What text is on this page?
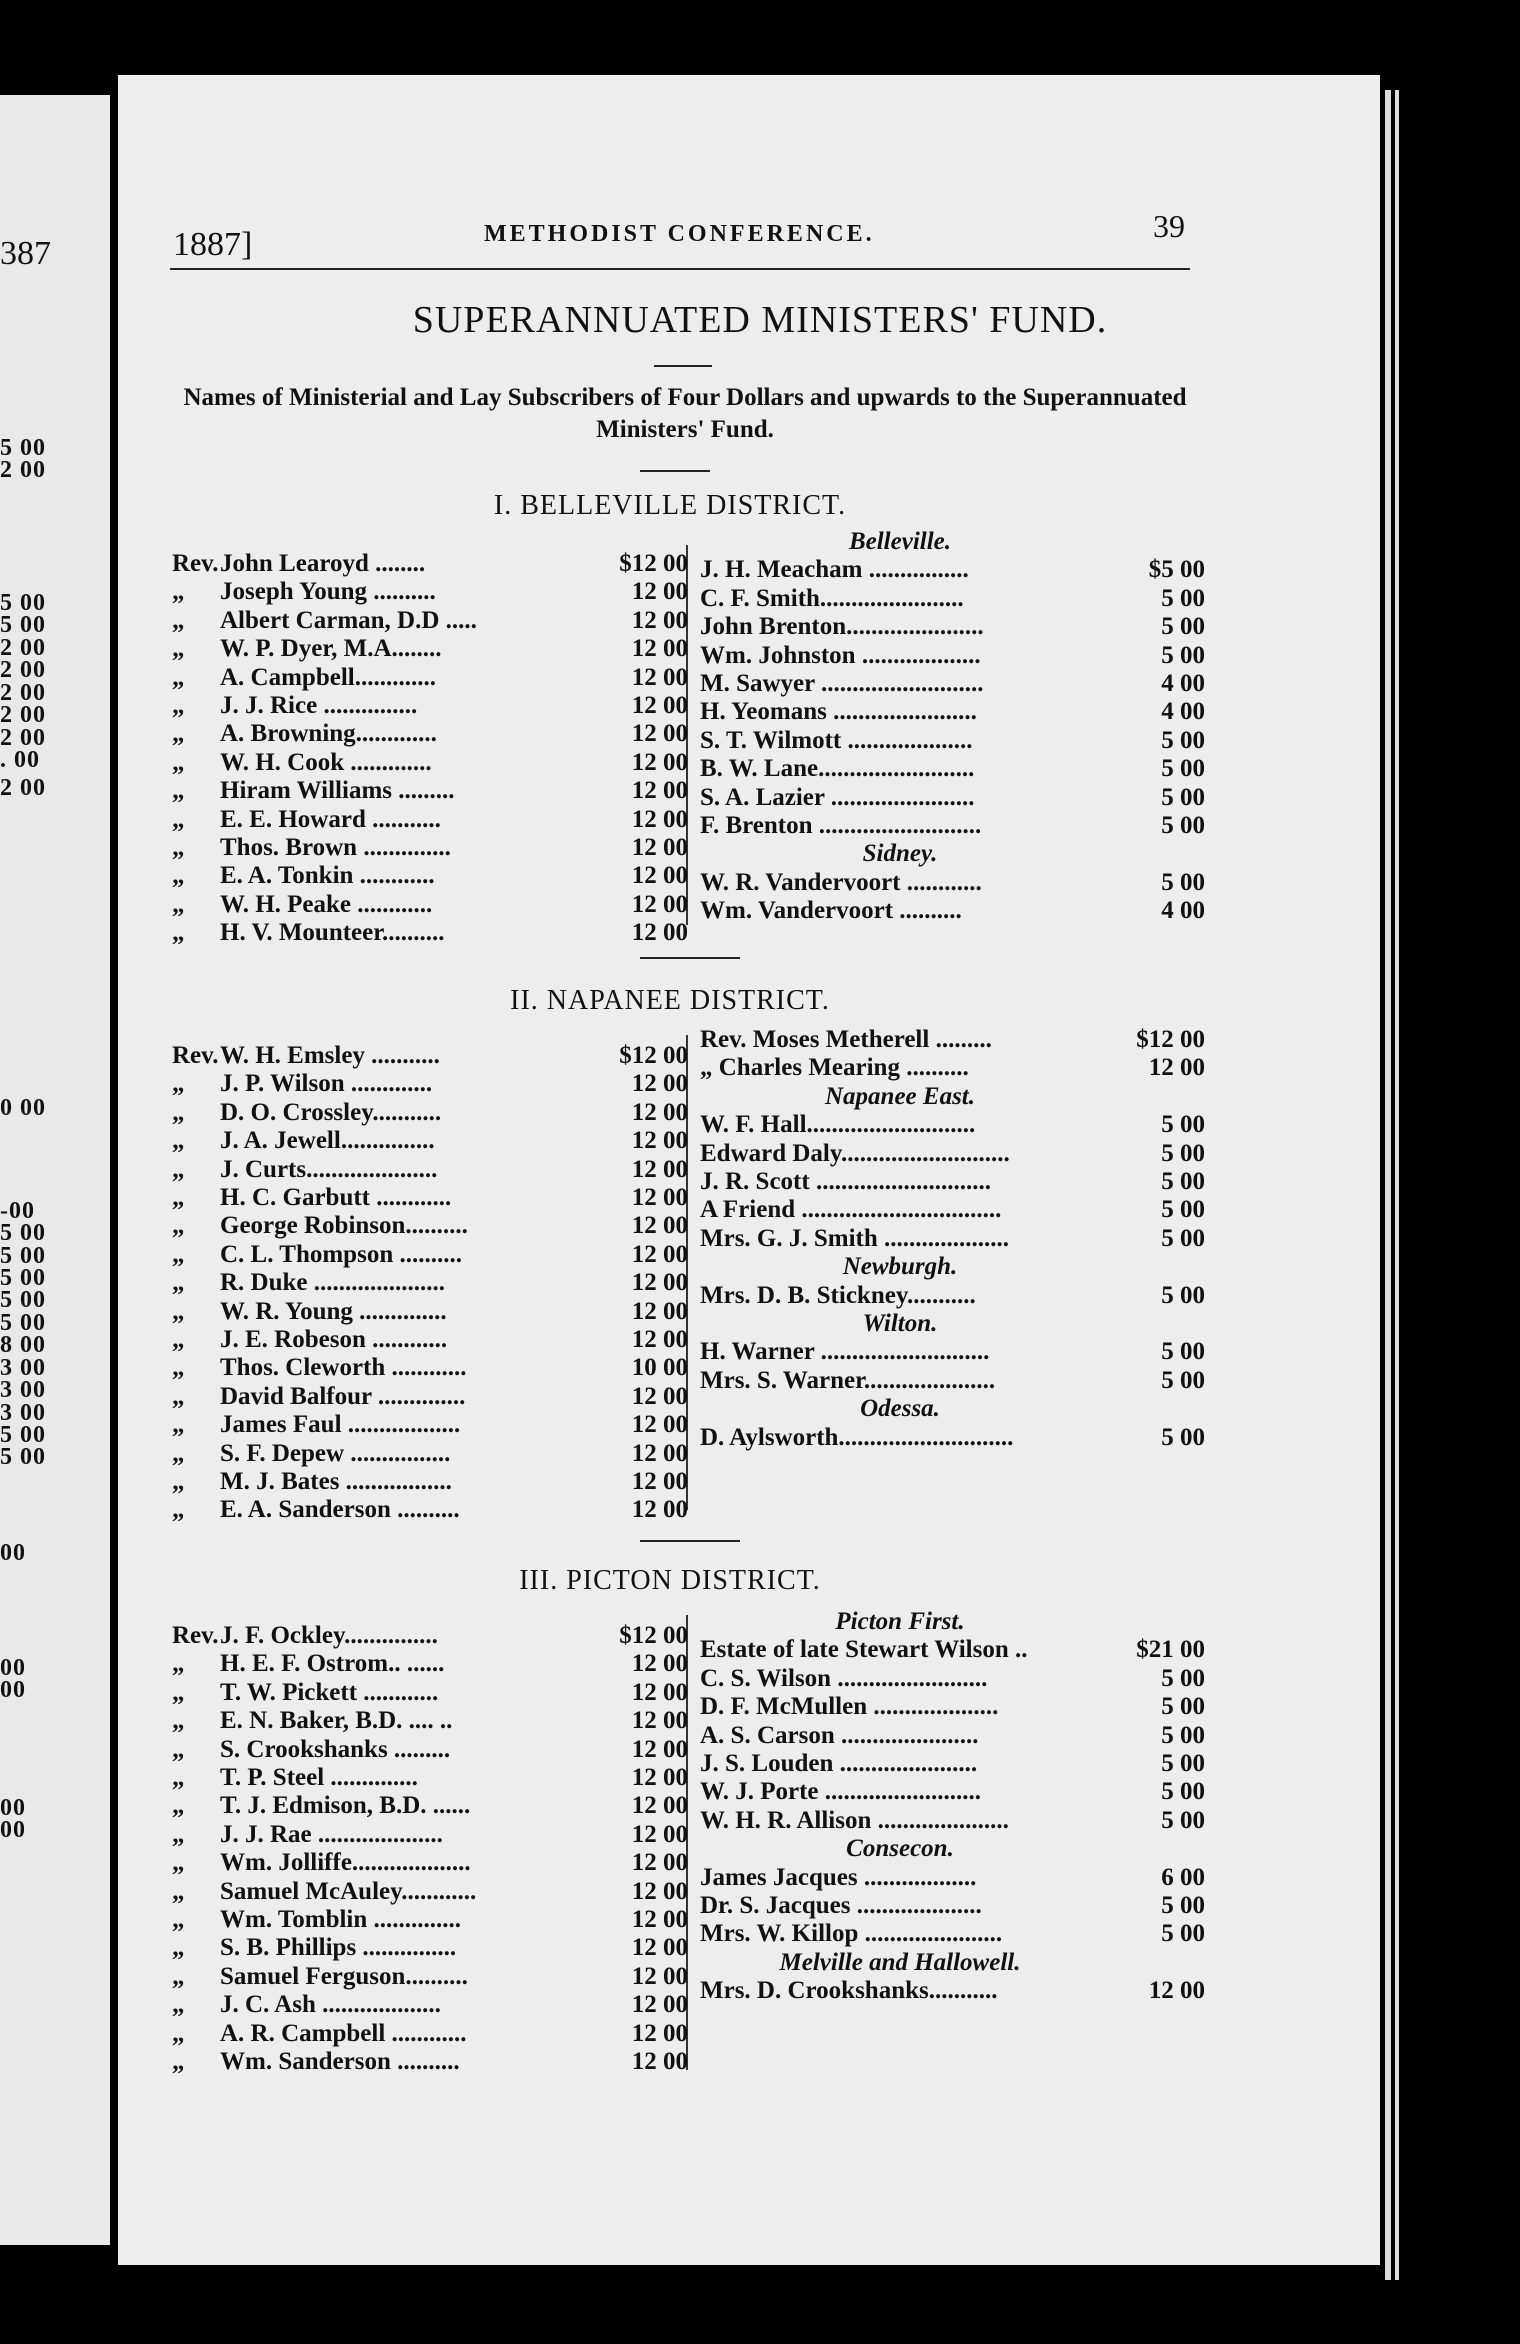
387
5 00
2 00
5 00
5 00
2 00
2 00
2 00
2 00
2 00
. 00
2 00
0 00
-00
5 00
5 00
5 00
5 00
5 00
8 00
3 00
3 00
3 00
5 00
5 00
00
00
00
00
00
1887]	METHODIST CONFERENCE.	39
SUPERANNUATED MINISTERS' FUND.
Names of Ministerial and Lay Subscribers of Four Dollars and upwards to the Superannuated Ministers' Fund.
I. BELLEVILLE DISTRICT.
Rev.John Learoyd ........	$12 00
„ Joseph Young ..........	12 00
„ Albert Carman, D.D .....	12 00
„ W. P. Dyer, M.A........	12 00
„ A. Campbell.............	12 00
„ J. J. Rice ...............	12 00
„ A. Browning.............	12 00
„ W. H. Cook .............	12 00
„ Hiram Williams .........	12 00
„ E. E. Howard ...........	12 00
„ Thos. Brown ..............	12 00
„ E. A. Tonkin ............	12 00
„ W. H. Peake ............	12 00
„ H. V. Mounteer..........	12 00
Belleville.
J. H. Meacham ................	$5 00
C. F. Smith.......................	5 00
John Brenton......................	5 00
Wm. Johnston ...................	5 00
M. Sawyer ..........................	4 00
H. Yeomans .......................	4 00
S. T. Wilmott ....................	5 00
B. W. Lane.........................	5 00
S. A. Lazier .......................	5 00
F. Brenton ..........................	5 00
Sidney.
W. R. Vandervoort ............	5 00
Wm. Vandervoort ..........	4 00
II. NAPANEE DISTRICT.
Rev.W. H. Emsley ...........	$12 00
„ J. P. Wilson .............	12 00
„ D. O. Crossley...........	12 00
„ J. A. Jewell...............	12 00
„ J. Curts.....................	12 00
„ H. C. Garbutt ............	12 00
„ George Robinson..........	12 00
„ C. L. Thompson ..........	12 00
„ R. Duke .....................	12 00
„ W. R. Young ..............	12 00
„ J. E. Robeson ............	12 00
„ Thos. Cleworth ............	10 00
„ David Balfour ..............	12 00
„ James Faul ..................	12 00
„ S. F. Depew ................	12 00
„ M. J. Bates .................	12 00
„ E. A. Sanderson ..........	12 00
Rev. Moses Metherell .........	$12 00
„ Charles Mearing ..........	12 00
Napanee East.
W. F. Hall...........................	5 00
Edward Daly...........................	5 00
J. R. Scott ............................	5 00
A Friend ................................	5 00
Mrs. G. J. Smith ....................	5 00
Newburgh.
Mrs. D. B. Stickney...........	5 00
Wilton.
H. Warner ...........................	5 00
Mrs. S. Warner.....................	5 00
Odessa.
D. Aylsworth............................	5 00
III. PICTON DISTRICT.
Rev.J. F. Ockley...............	$12 00
„ H. E. F. Ostrom.. ......	12 00
„ T. W. Pickett ............	12 00
„ E. N. Baker, B.D. .... ..	12 00
„ S. Crookshanks .........	12 00
„ T. P. Steel ..............	12 00
„ T. J. Edmison, B.D. ......	12 00
„ J. J. Rae ....................	12 00
„ Wm. Jolliffe...................	12 00
„ Samuel McAuley............	12 00
„ Wm. Tomblin ..............	12 00
„ S. B. Phillips ...............	12 00
„ Samuel Ferguson..........	12 00
„ J. C. Ash ...................	12 00
„ A. R. Campbell ............	12 00
„ Wm. Sanderson ..........	12 00
Picton First.
Estate of late Stewart Wilson ..	$21 00
C. S. Wilson ........................	5 00
D. F. McMullen ....................	5 00
A. S. Carson ......................	5 00
J. S. Louden ......................	5 00
W. J. Porte .........................	5 00
W. H. R. Allison .....................	5 00
Consecon.
James Jacques ..................	6 00
Dr. S. Jacques ....................	5 00
Mrs. W. Killop ......................	5 00
Melville and Hallowell.
Mrs. D. Crookshanks...........	12 00
